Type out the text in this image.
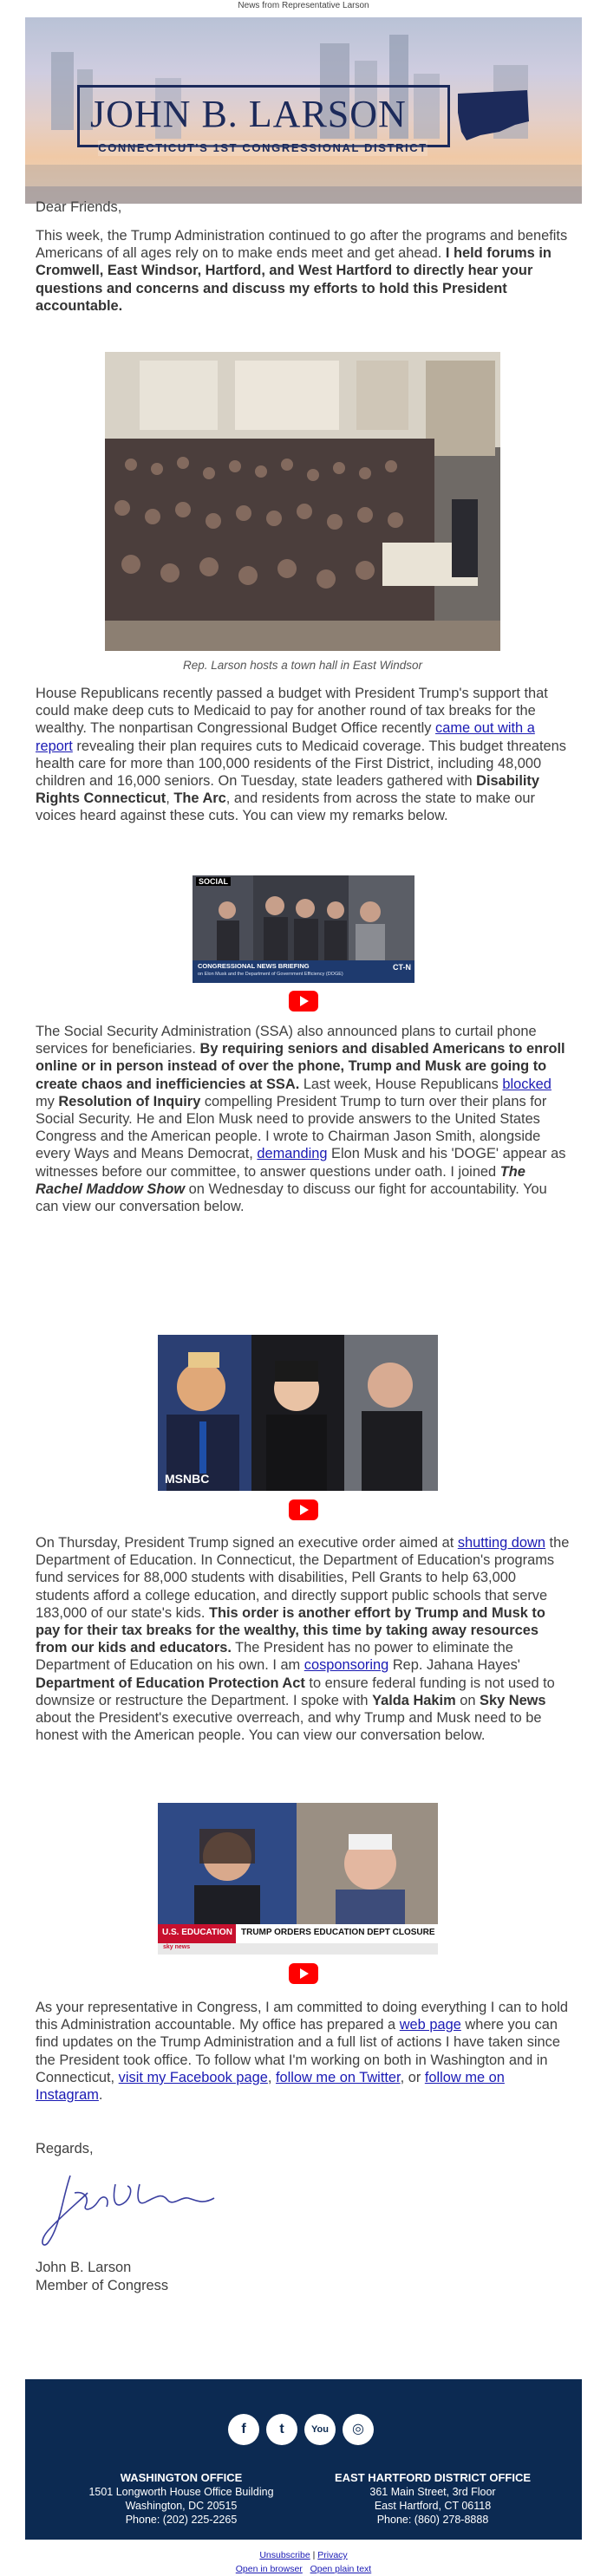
News from Representative Larson
JOHN B. LARSON
CONNECTICUT'S 1ST CONGRESSIONAL DISTRICT
Dear Friends,

This week, the Trump Administration continued to go after the programs and benefits Americans of all ages rely on to make ends meet and get ahead. I held forums in Cromwell, East Windsor, Hartford, and West Hartford to directly hear your questions and concerns and discuss my efforts to hold this President accountable.

Rep. Larson hosts a town hall in East Windsor

House Republicans recently passed a budget with President Trump's support that could make deep cuts to Medicaid to pay for another round of tax breaks for the wealthy. The nonpartisan Congressional Budget Office recently came out with a report revealing their plan requires cuts to Medicaid coverage. This budget threatens health care for more than 100,000 residents of the First District, including 48,000 children and 16,000 seniors. On Tuesday, state leaders gathered with Disability Rights Connecticut, The Arc, and residents from across the state to make our voices heard against these cuts. You can view my remarks below.

SOCIAL
CONGRESSIONAL NEWS BRIEFING
on Elon Musk and the Department of Government Efficiency (DOGE)
CT-N

The Social Security Administration (SSA) also announced plans to curtail phone services for beneficiaries. By requiring seniors and disabled Americans to enroll online or in person instead of over the phone, Trump and Musk are going to create chaos and inefficiencies at SSA. Last week, House Republicans blocked my Resolution of Inquiry compelling President Trump to turn over their plans for Social Security. He and Elon Musk need to provide answers to the United States Congress and the American people. I wrote to Chairman Jason Smith, alongside every Ways and Means Democrat, demanding Elon Musk and his 'DOGE' appear as witnesses before our committee, to answer questions under oath. I joined The Rachel Maddow Show on Wednesday to discuss our fight for accountability. You can view our conversation below.

MSNBC

On Thursday, President Trump signed an executive order aimed at shutting down the Department of Education. In Connecticut, the Department of Education's programs fund services for 88,000 students with disabilities, Pell Grants to help 63,000 students afford a college education, and directly support public schools that serve 183,000 of our state's kids. This order is another effort by Trump and Musk to pay for their tax breaks for the wealthy, this time by taking away resources from our kids and educators. The President has no power to eliminate the Department of Education on his own. I am cosponsoring Rep. Jahana Hayes' Department of Education Protection Act to ensure federal funding is not used to downsize or restructure the Department. I spoke with Yalda Hakim on Sky News about the President's executive overreach, and why Trump and Musk need to be honest with the American people. You can view our conversation below.

U.S. EDUCATION TRUMP ORDERS EDUCATION DEPT CLOSURE
sky news

As your representative in Congress, I am committed to doing everything I can to hold this Administration accountable. My office has prepared a web page where you can find updates on the Trump Administration and a full list of actions I have taken since the President took office. To follow what I'm working on both in Washington and in Connecticut, visit my Facebook page, follow me on Twitter, or follow me on Instagram.

Regards,
John B. Larson
Member of Congress
f	t	You	◎
WASHINGTON OFFICE
1501 Longworth House Office Building
Washington, DC 20515
Phone: (202) 225-2265
EAST HARTFORD DISTRICT OFFICE
361 Main Street, 3rd Floor
East Hartford, CT 06118
Phone: (860) 278-8888
Unsubscribe | Privacy
Open in browser Open plain text
